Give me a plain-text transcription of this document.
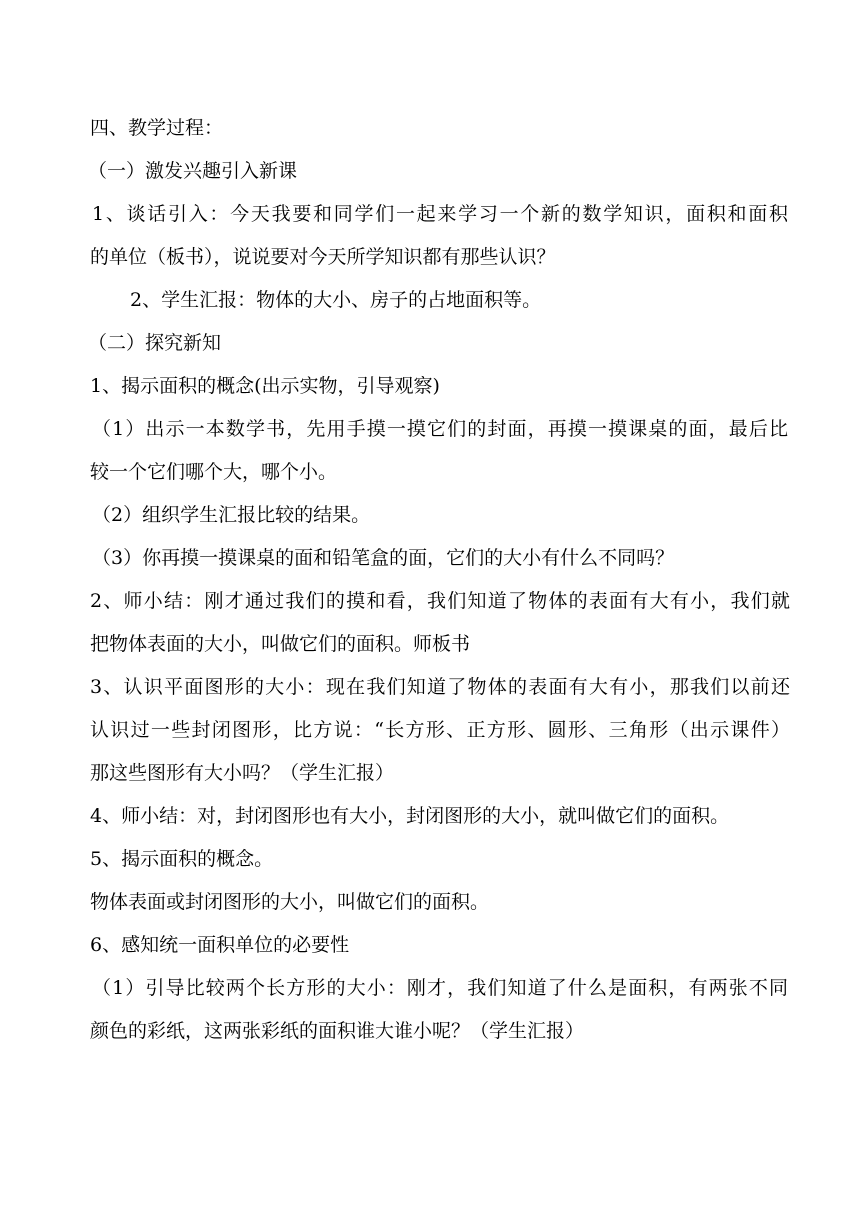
四、教学过程：
（一）激发兴趣引入新课
1、谈话引入：今天我要和同学们一起来学习一个新的数学知识，面积和面积
的单位（板书），说说要对今天所学知识都有那些认识？
2、学生汇报：物体的大小、房子的占地面积等。
（二）探究新知
1、揭示面积的概念(出示实物，引导观察)
（1）出示一本数学书，先用手摸一摸它们的封面，再摸一摸课桌的面，最后比
较一个它们哪个大，哪个小。
（2）组织学生汇报比较的结果。
（3）你再摸一摸课桌的面和铅笔盒的面，它们的大小有什么不同吗？
2、师小结：刚才通过我们的摸和看，我们知道了物体的表面有大有小，我们就
把物体表面的大小，叫做它们的面积。师板书
3、认识平面图形的大小：现在我们知道了物体的表面有大有小，那我们以前还
认识过一些封闭图形，比方说：“长方形、正方形、圆形、三角形（出示课件）
那这些图形有大小吗？（学生汇报）
4、师小结：对，封闭图形也有大小，封闭图形的大小，就叫做它们的面积。
5、揭示面积的概念。
物体表面或封闭图形的大小，叫做它们的面积。
6、感知统一面积单位的必要性
（1）引导比较两个长方形的大小：刚才，我们知道了什么是面积，有两张不同
颜色的彩纸，这两张彩纸的面积谁大谁小呢？（学生汇报）
